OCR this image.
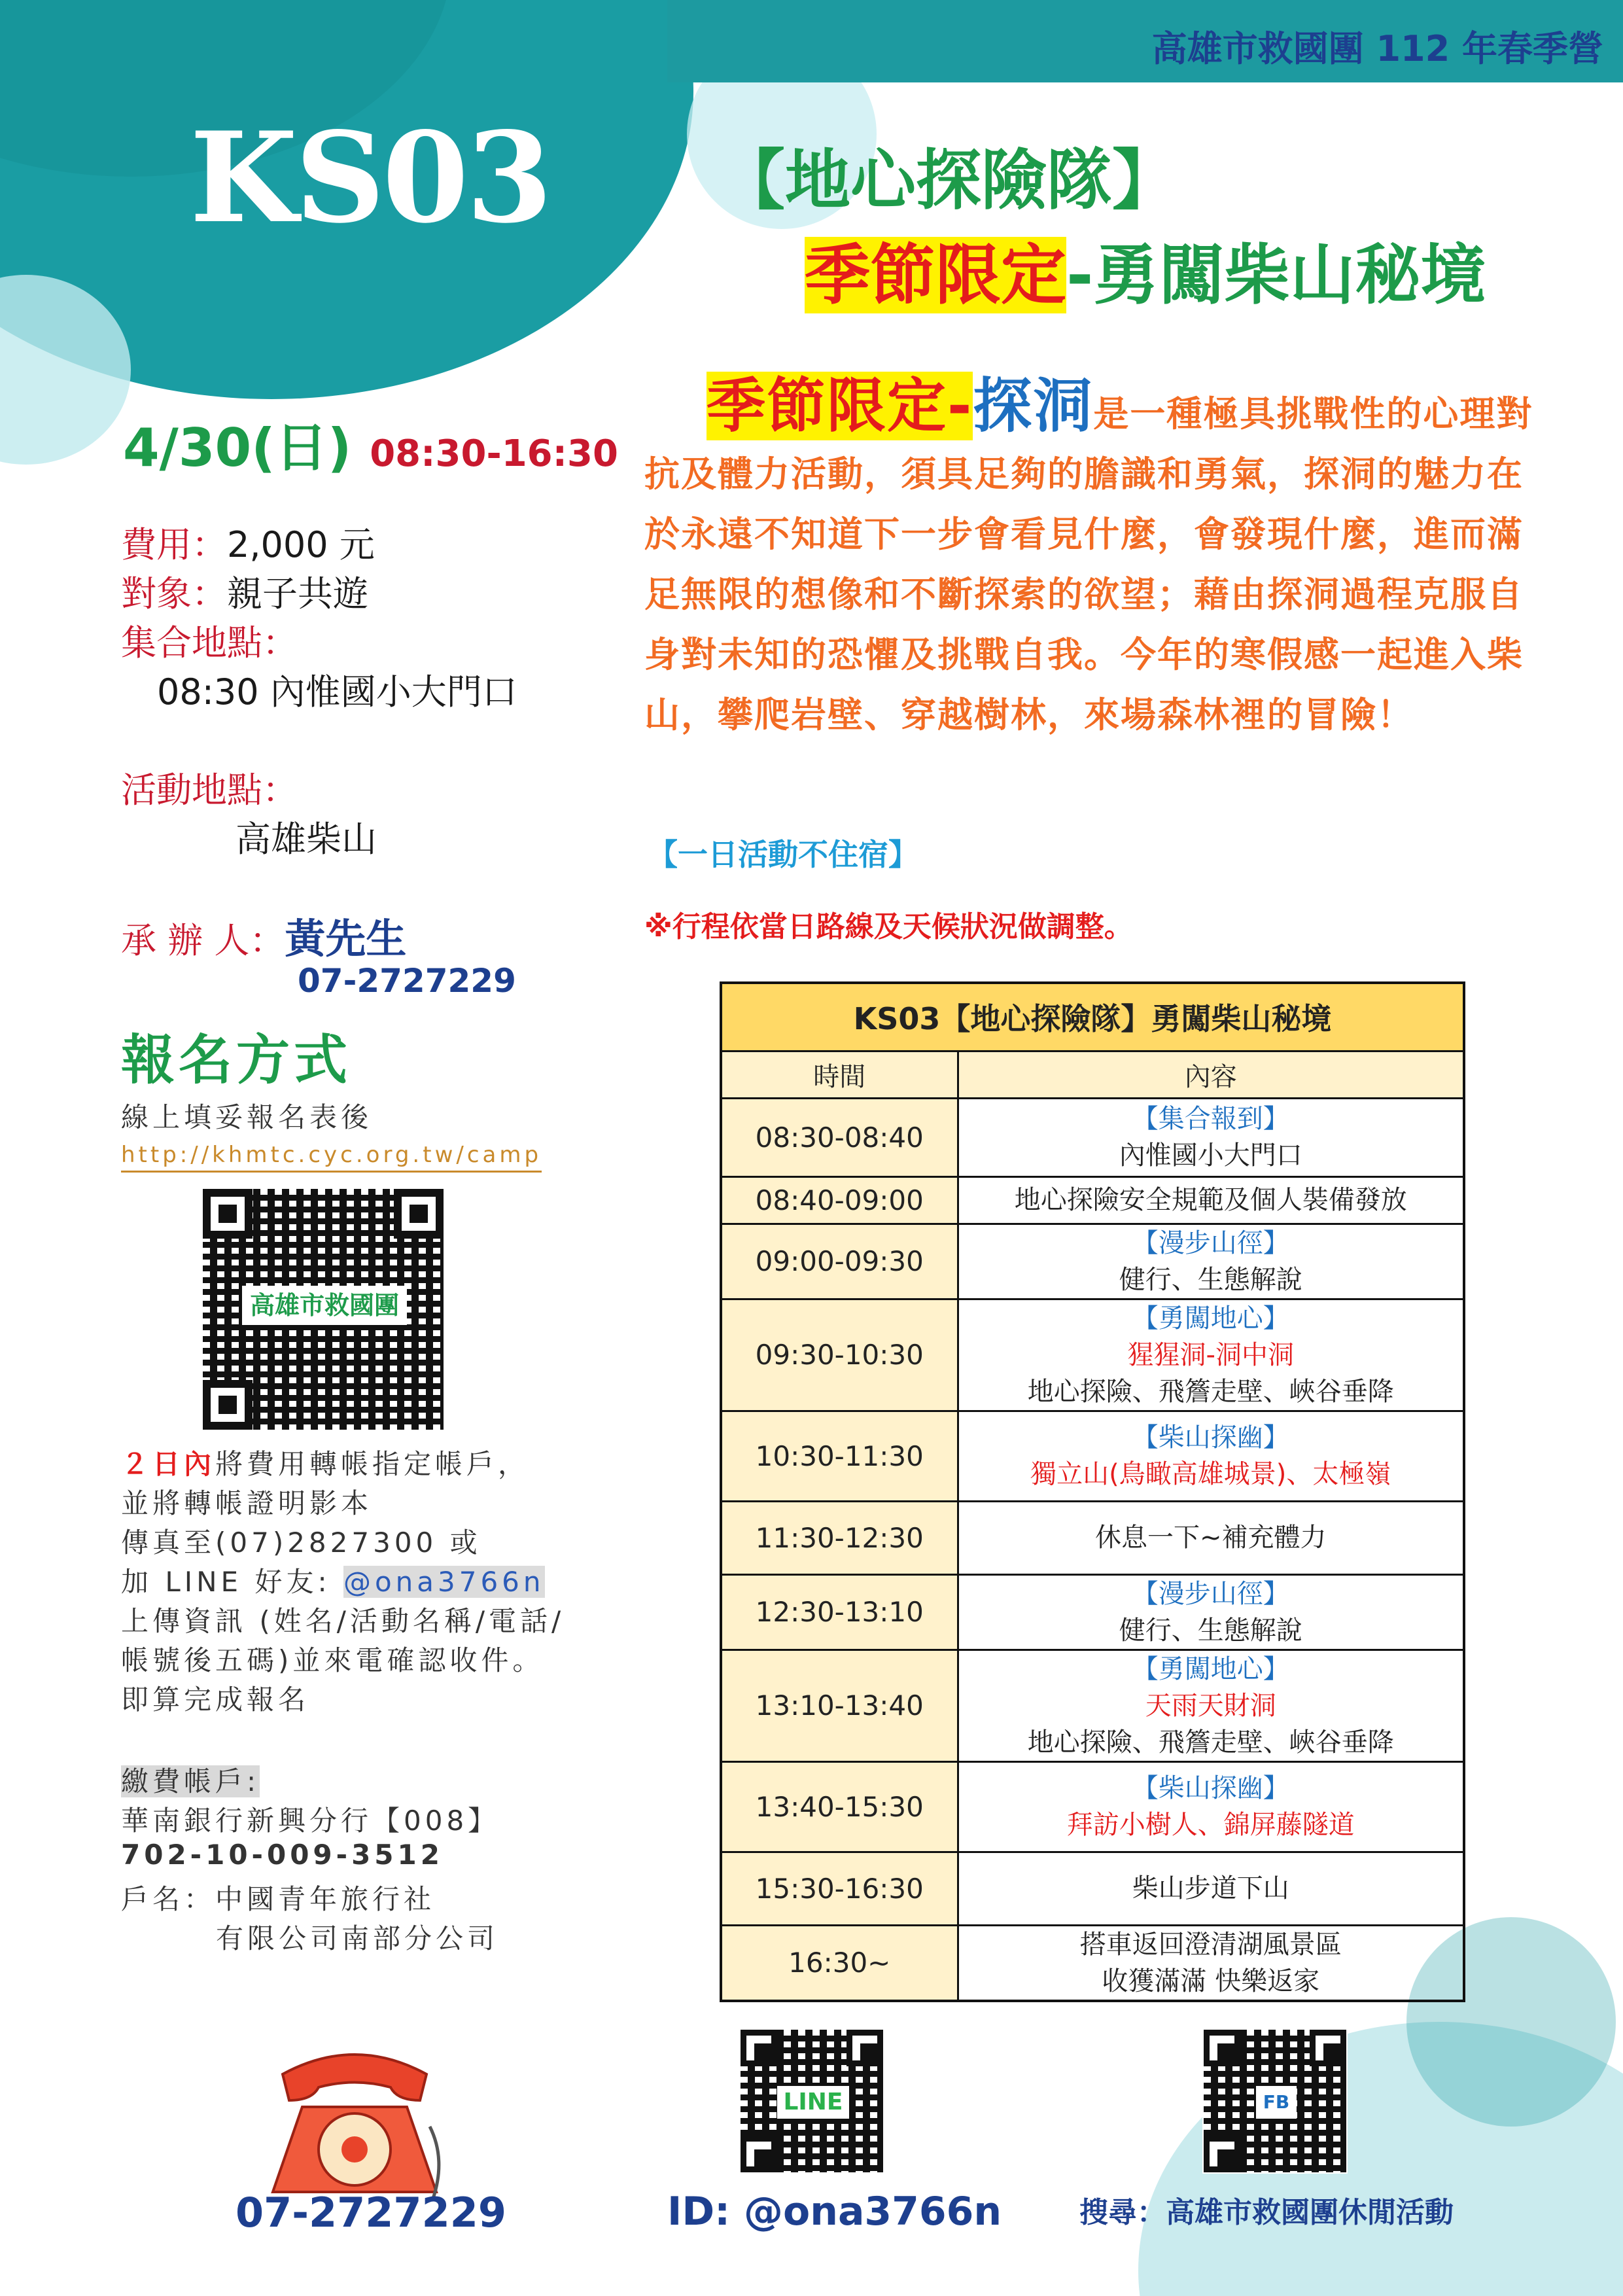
高雄市救國團 112 年春季營
KS03	【地心探險隊】
季節限定-勇闖柴山秘境
4/30(日) 08:30-16:30
費用：2,000 元
對象：親子共遊
集合地點：
08:30 內惟國小大門口
活動地點：
高雄柴山
承 辦 人：黃先生
07-2727229
報名方式
線上填妥報名表後
http://khmtc.cyc.org.tw/camp
高雄市救國團
２日內將費用轉帳指定帳戶，
並將轉帳證明影本
傳真至(07)2827300 或
加 LINE 好友: @ona3766n
上傳資訊 (姓名/活動名稱/電話/
帳號後五碼)並來電確認收件。
即算完成報名
繳費帳戶:
華南銀行新興分行【008】
702-10-009-3512
戶名：中國青年旅行社
有限公司南部分公司
季節限定-探洞是一種極具挑戰性的心理對抗及體力活動，須具足夠的膽識和勇氣，探洞的魅力在於永遠不知道下一步會看見什麼，會發現什麼，進而滿足無限的想像和不斷探索的欲望；藉由探洞過程克服自身對未知的恐懼及挑戰自我。今年的寒假感一起進入柴山，攀爬岩壁、穿越樹林，來場森林裡的冒險！
【一日活動不住宿】
※行程依當日路線及天候狀況做調整。
KS03【地心探險隊】勇闖柴山秘境	
時間	內容
08:30-08:40	【集合報到】
內惟國小大門口

08:40-09:00	地心探險安全規範及個人裝備發放

09:00-09:30	【漫步山徑】
健行、生態解說

09:30-10:30	【勇闖地心】
猩猩洞-洞中洞
地心探險、飛簷走壁、峽谷垂降

10:30-11:30	【柴山探幽】
獨立山(鳥瞰高雄城景)、太極嶺

11:30-12:30	休息一下~補充體力

12:30-13:10	【漫步山徑】
健行、生態解說

13:10-13:40	【勇闖地心】
天雨天財洞
地心探險、飛簷走壁、峽谷垂降

13:40-15:30	【柴山探幽】
拜訪小樹人、錦屏藤隧道

15:30-16:30	柴山步道下山

16:30~	搭車返回澄清湖風景區
收獲滿滿 快樂返家
07-2727229
LINE
ID: @ona3766n
FB
搜尋：高雄市救國團休閒活動
